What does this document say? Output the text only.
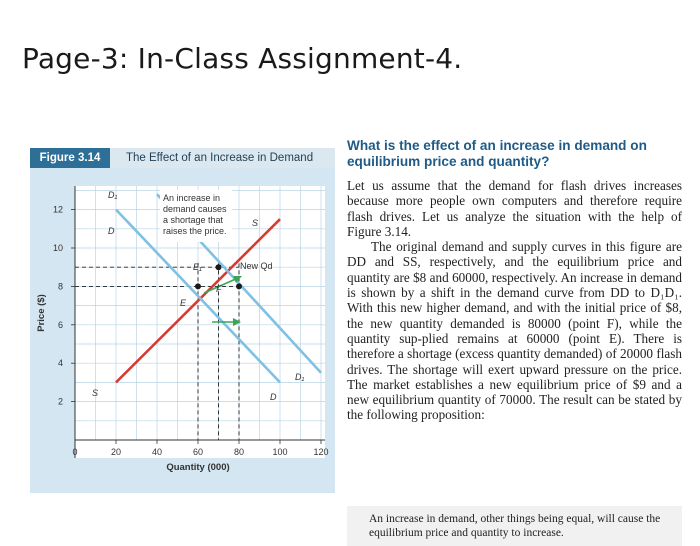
Page-3: In-Class Assignment-4.
Figure 3.14	The Effect of an Increase in Demand
0	20	40	60	80	100	120
2
4
6
8
10
12
An increase in
demand causes
a shortage that
raises the price.
D₁
D
S
E₁
E
F
New Qd
D
D₁
S
Quantity (000)
Price ($)
What is the effect of an increase in demand on equilibrium price and quantity?

Let us assume that the demand for flash drives increases because more people own computers and therefore require flash drives. Let us analyze the situation with the help of Figure 3.14.

The original demand and supply curves in this figure are DD and SS, respectively, and the equilibrium price and quantity are $8 and 60000, respectively. An increase in demand is shown by a shift in the demand curve from DD to D₁D₁. With this new higher demand, and with the initial price of $8, the new quantity demanded is 80000 (point F), while the quantity sup-plied remains at 60000 (point E). There is therefore a shortage (excess quantity demanded) of 20000 flash drives. The shortage will exert upward pressure on the price. The market establishes a new equilibrium price of $9 and a new equilibrium quantity of 70000. The result can be stated by the following proposition:

An increase in demand, other things being equal, will cause the equilibrium price and quantity to increase.
